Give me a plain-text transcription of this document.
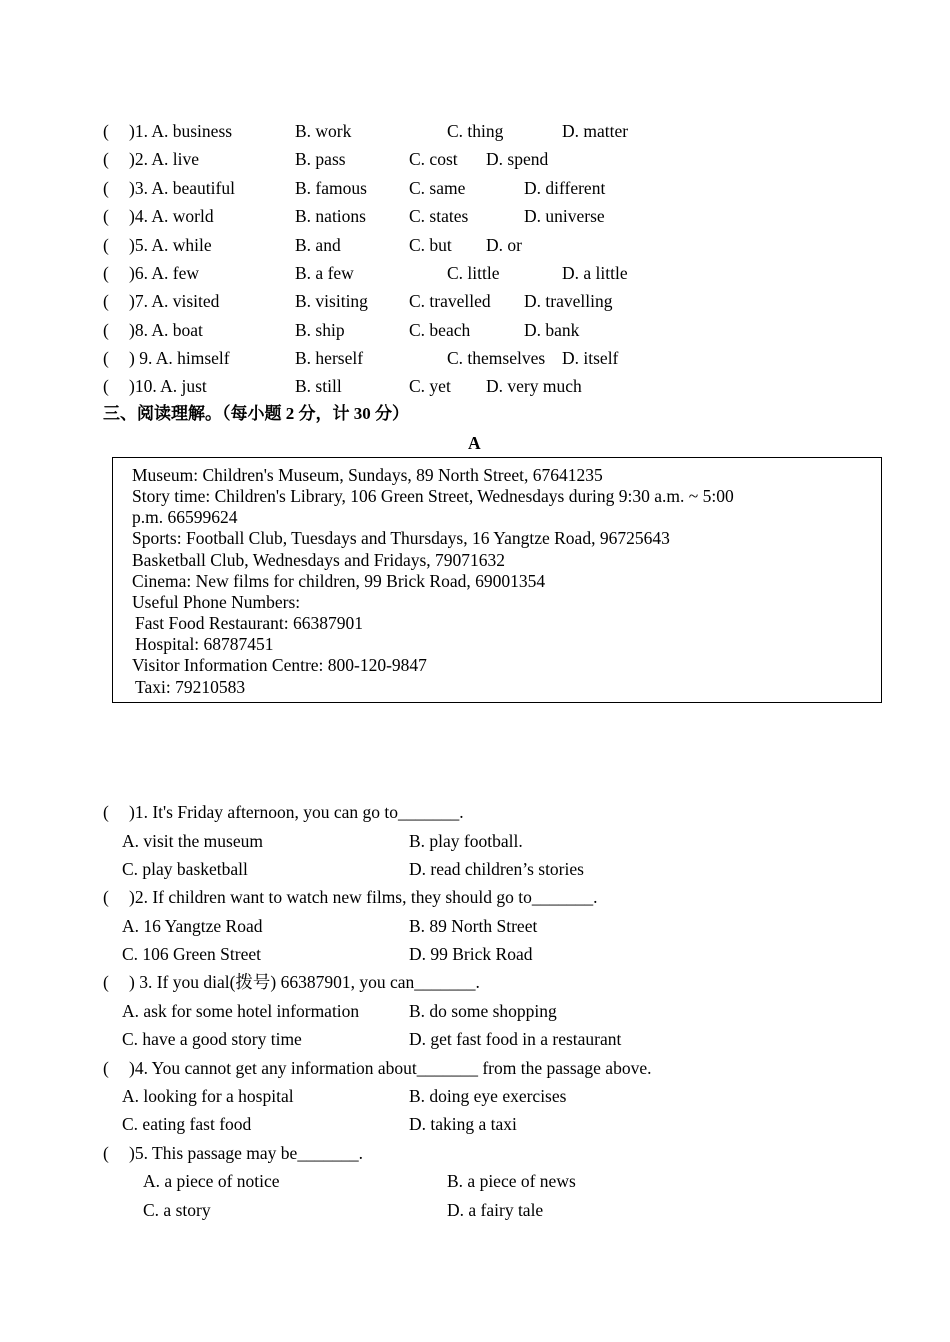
( )1. A. business	B. work	C. thing	D. matter
( )2. A. live	B. pass	C. cost D. spend
( )3. A. beautiful	B. famous C. same	D. different
( )4. A. world	B. nations C. states	D. universe
( )5. A. while	B. and	C. but D. or
( )6. A. few	B. a few	C. little	D. a little
( )7. A. visited	B. visiting C. travelled D. travelling
( )8. A. boat	B. ship	C. beach	D. bank
( ) 9. A. himself	B. herself	C. themselves D. itself
( )10. A. just	B. still	C. yet D. very much
三、阅读理解。（每小题 2 分，计 30 分）
A
Museum: Children's Museum, Sundays, 89 North Street, 67641235
Story time: Children's Library, 106 Green Street, Wednesdays during 9:30 a.m. ~ 5:00
p.m. 66599624
Sports: Football Club, Tuesdays and Thursdays, 16 Yangtze Road, 96725643
Basketball Club, Wednesdays and Fridays, 79071632
Cinema: New films for children, 99 Brick Road, 69001354
Useful Phone Numbers:
Fast Food Restaurant: 66387901
Hospital: 68787451
Visitor Information Centre: 800-120-9847
Taxi: 79210583
( )1. It's Friday afternoon, you can go to_______.
A. visit the museum	B. play football.
C. play basketball	D. read children’s stories
( )2. If children want to watch new films, they should go to_______.
A. 16 Yangtze Road	B. 89 North Street
C. 106 Green Street	D. 99 Brick Road
( ) 3. If you dial(拨号) 66387901, you can_______.
A. ask for some hotel information	B. do some shopping
C. have a good story time	D. get fast food in a restaurant
( )4. You cannot get any information about_______ from the passage above.
A. looking for a hospital	B. doing eye exercises
C. eating fast food	D. taking a taxi
( )5. This passage may be_______.
A. a piece of notice	B. a piece of news
C. a story	D. a fairy tale
